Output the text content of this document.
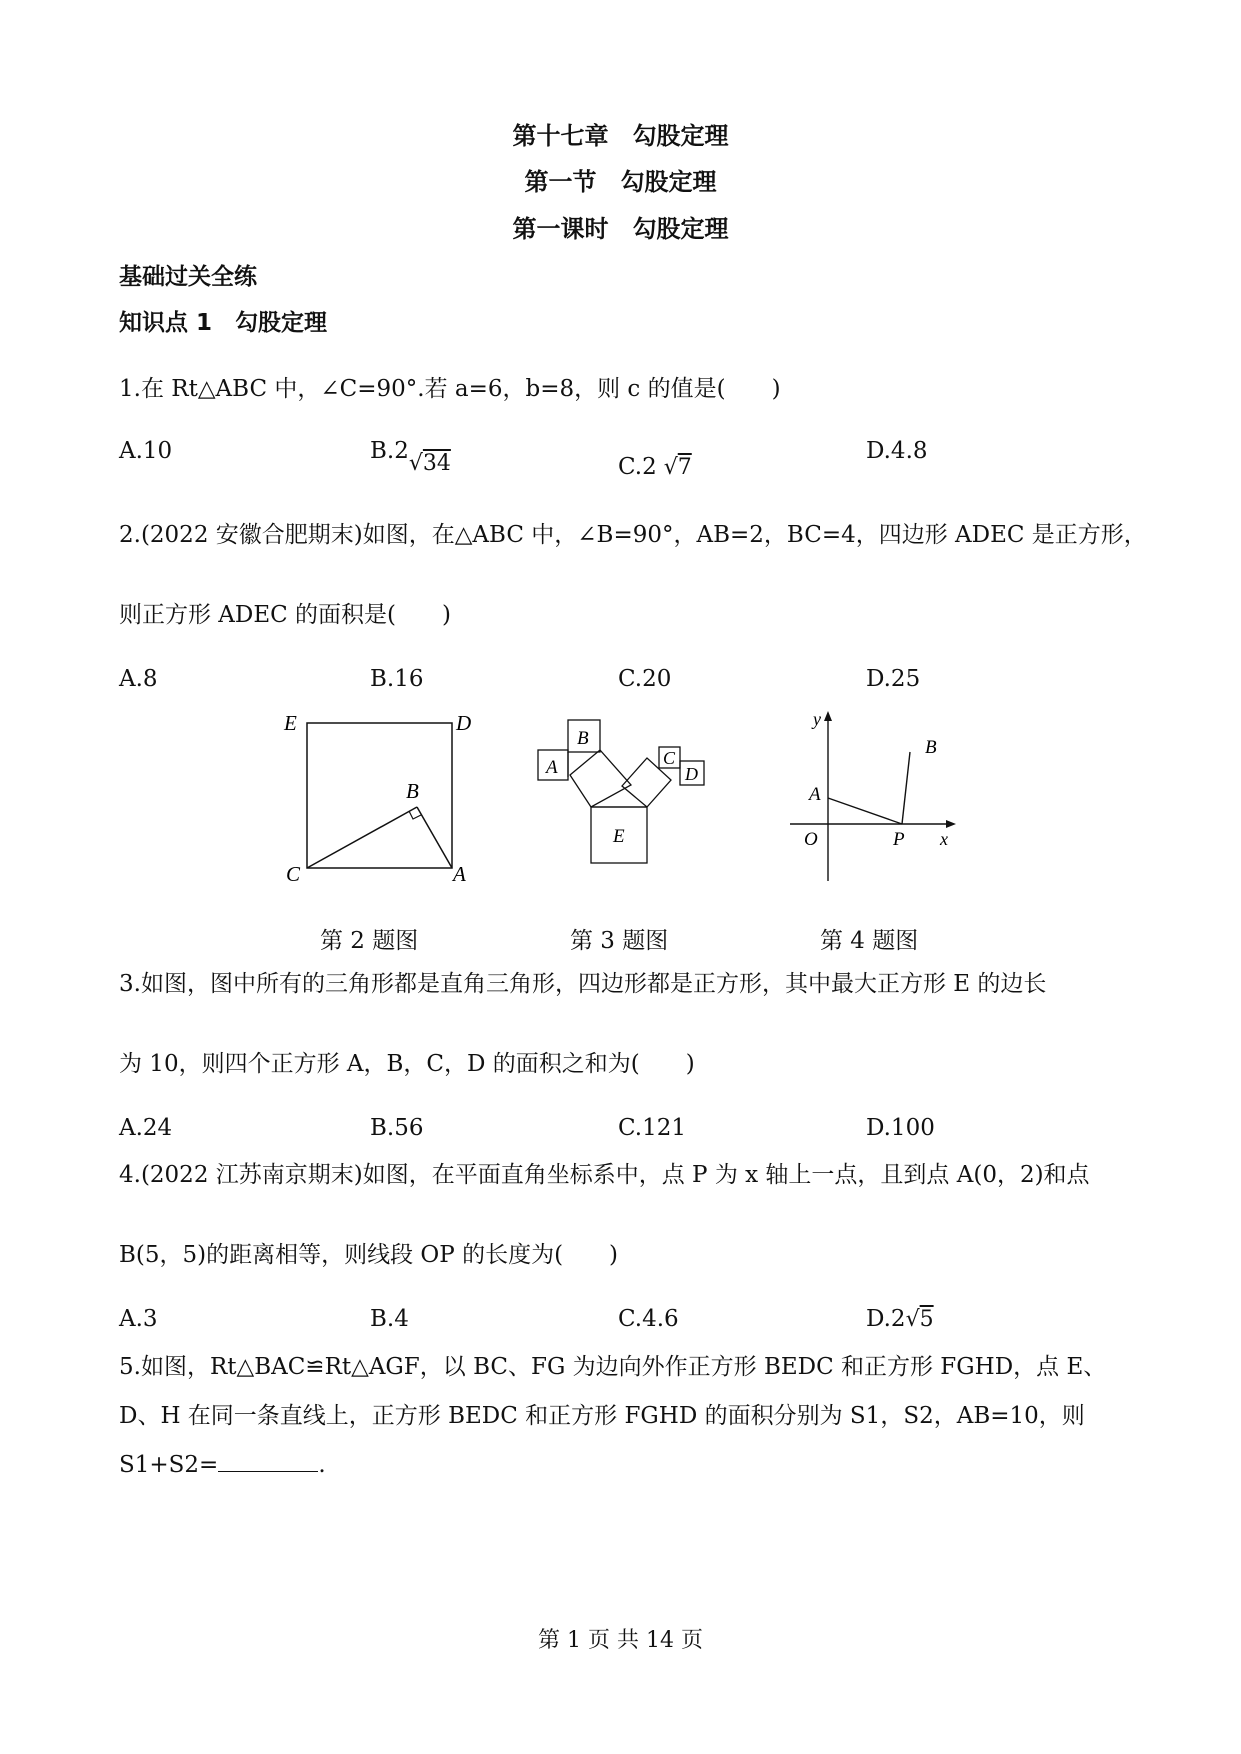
第十七章　勾股定理
第一节　勾股定理
第一课时　勾股定理
基础过关全练
知识点 1　勾股定理
1.在 Rt△ABC 中，∠C=90°.若 a=6，b=8，则 c 的值是(　　)
A.10	B.2√34	C.2 √7
D.4.8
2.(2022 安徽合肥期末)如图，在△ABC 中，∠B=90°，AB=2，BC=4，四边形 ADEC 是正方形，
则正方形 ADEC 的面积是(　　)
A.8	B.16	C.20	D.25
E	D
B
C	A
A
B
C
D
E
y
B
A
O	P x
第 2 题图	第 3 题图	第 4 题图
3.如图，图中所有的三角形都是直角三角形，四边形都是正方形，其中最大正方形 E 的边长
为 10，则四个正方形 A，B，C，D 的面积之和为(　　)
A.24	B.56	C.121	D.100
4.(2022 江苏南京期末)如图，在平面直角坐标系中，点 P 为 x 轴上一点，且到点 A(0，2)和点
B(5，5)的距离相等，则线段 OP 的长度为(　　)
A.3	B.4	C.4.6	D.2√5
5.如图，Rt△BAC≌Rt△AGF，以 BC、FG 为边向外作正方形 BEDC 和正方形 FGHD，点 E、
D、H 在同一条直线上，正方形 BEDC 和正方形 FGHD 的面积分别为 S1，S2，AB=10，则
S1+S2=	.
第 1 页 共 14 页
